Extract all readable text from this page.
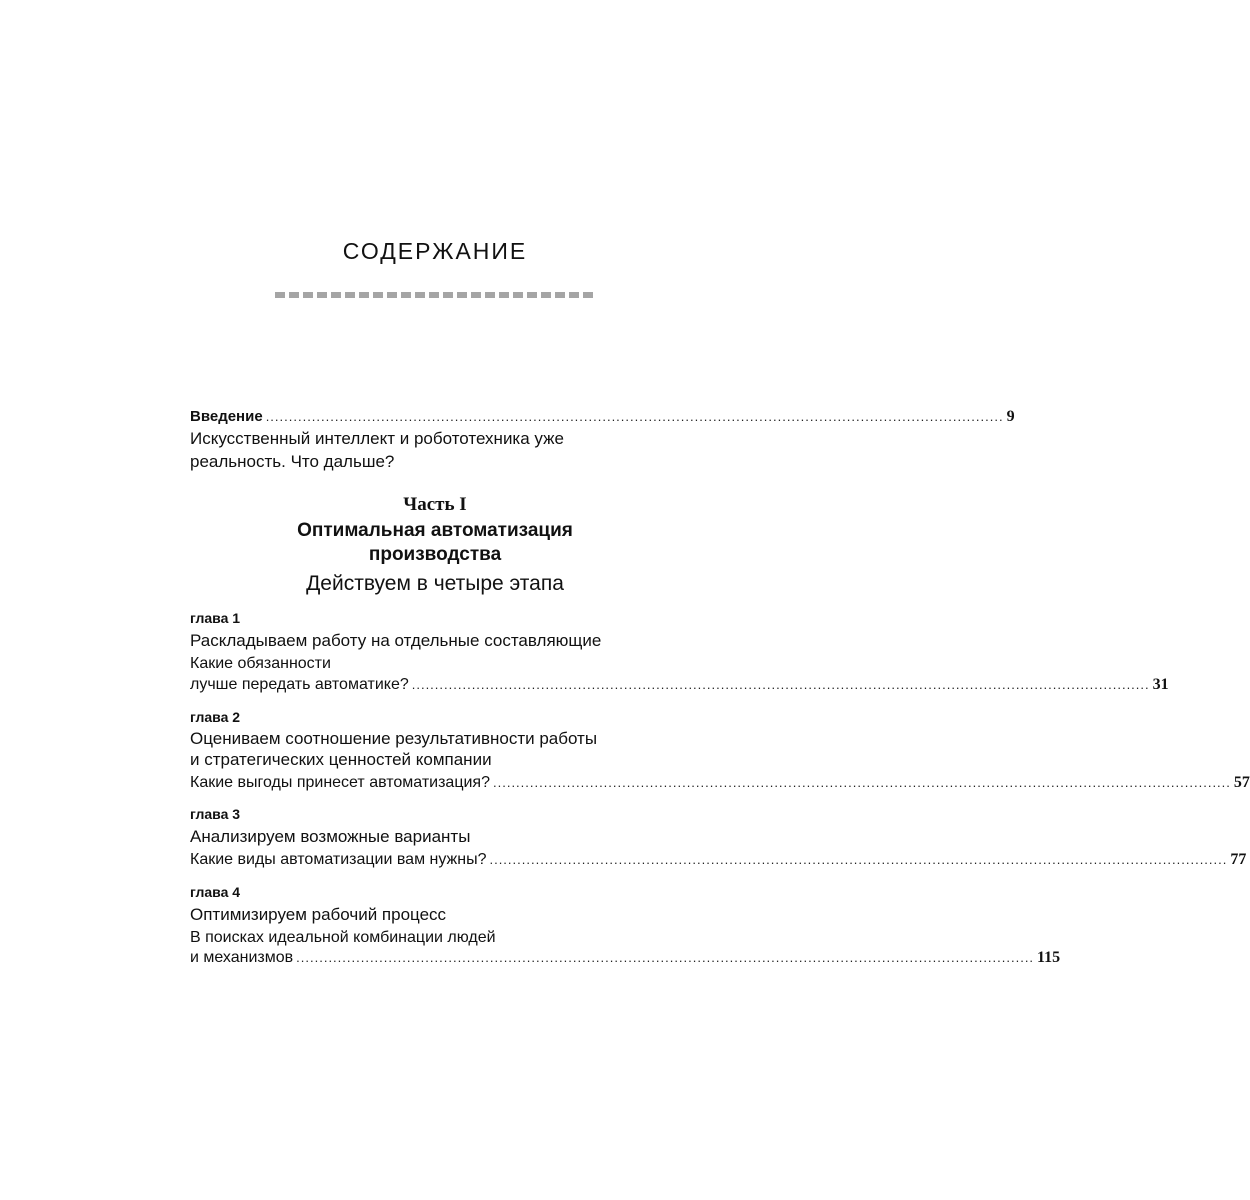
СОДЕРЖАНИЕ
Введение ................................................................................................................................................................ 9
Искусственный интеллект и робототехника уже
реальность. Что дальше?
Часть I
Оптимальная автоматизация
производства
Действуем в четыре этапа
глава 1
Раскладываем работу на отдельные составляющие
Какие обязанности
лучше передать автоматике? ................................................................................................................................................................ 31
глава 2
Оцениваем соотношение результативности работы
и стратегических ценностей компании
Какие выгоды принесет автоматизация? ................................................................................................................................................................ 57
глава 3
Анализируем возможные варианты
Какие виды автоматизации вам нужны? ................................................................................................................................................................ 77
глава 4
Оптимизируем рабочий процесс
В поисках идеальной комбинации людей
и механизмов ................................................................................................................................................................ 115
